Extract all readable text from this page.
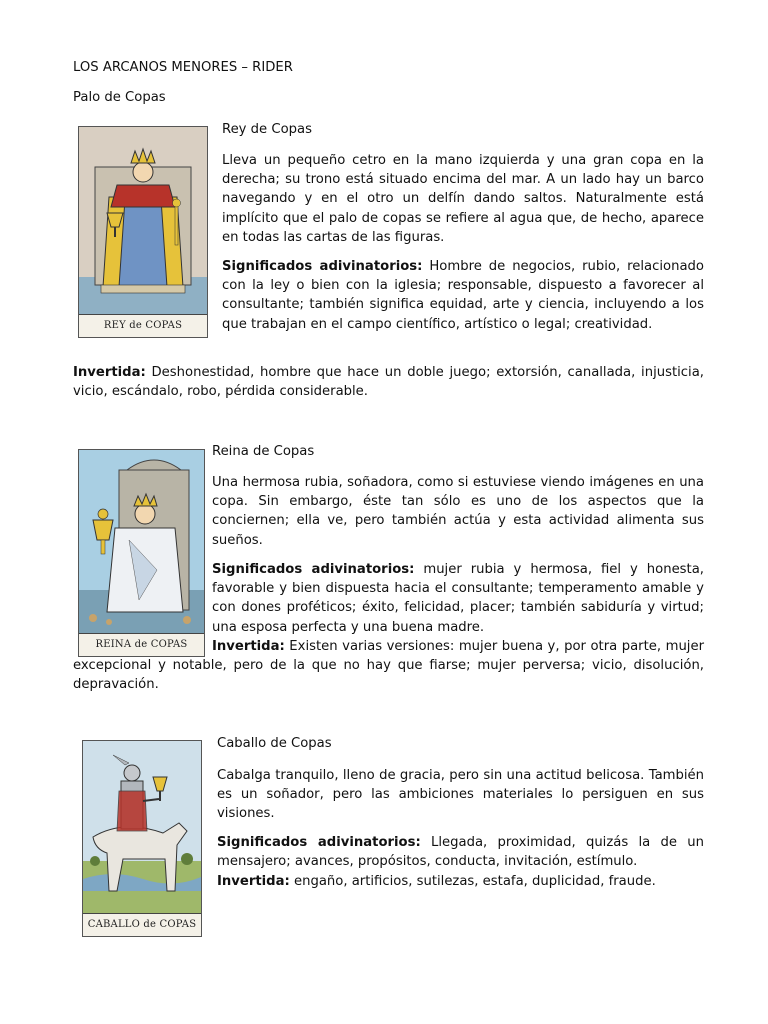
LOS ARCANOS MENORES – RIDER
Palo de Copas
REY de COPAS
Rey de Copas

Lleva un pequeño cetro en la mano izquierda y una gran copa en la derecha; su trono está situado encima del mar. A un lado hay un barco navegando y en el otro un delfín dando saltos. Naturalmente está implícito que el palo de copas se refiere al agua que, de hecho, aparece en todas las cartas de las figuras.

Significados adivinatorios: Hombre de negocios, rubio, relacionado con la ley o bien con la iglesia; responsable, dispuesto a favorecer al consultante; también significa equidad, arte y ciencia, incluyendo a los que trabajan en el campo científico, artístico o legal; creatividad.

Invertida: Deshonestidad, hombre que hace un doble juego; extorsión, canallada, injusticia, vicio, escándalo, robo, pérdida considerable.

REINA de COPAS
Reina de Copas

Una hermosa rubia, soñadora, como si estuviese viendo imágenes en una copa. Sin embargo, éste tan sólo es uno de los aspectos que la conciernen; ella ve, pero también actúa y esta actividad alimenta sus sueños.

Significados adivinatorios: mujer rubia y hermosa, fiel y honesta, favorable y bien dispuesta hacia el consultante; temperamento amable y con dones proféticos; éxito, felicidad, placer; también sabiduría y virtud; una esposa perfecta y una buena madre.

Invertida: Existen varias versiones: mujer buena y, por otra parte, mujer excepcional y notable, pero de la que no hay que fiarse; mujer perversa; vicio, disolución, depravación.

CABALLO de COPAS
Caballo de Copas

Cabalga tranquilo, lleno de gracia, pero sin una actitud belicosa. También es un soñador, pero las ambiciones materiales lo persiguen en sus visiones.

Significados adivinatorios: Llegada, proximidad, quizás la de un mensajero; avances, propósitos, conducta, invitación, estímulo.

Invertida: engaño, artificios, sutilezas, estafa, duplicidad, fraude.
